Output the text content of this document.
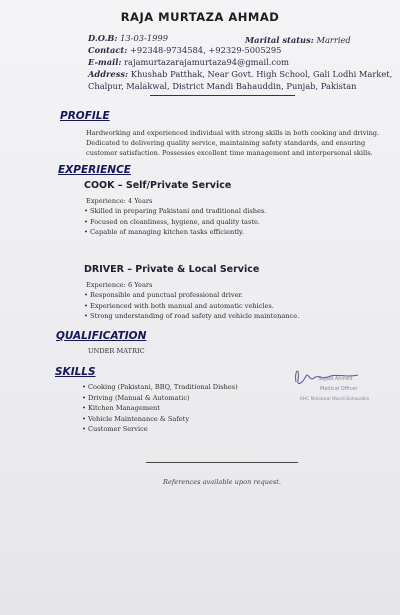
RAJA MURTAZA AHMAD
D.O.B: 13-03-1999	Marital status: Married
Contact: +92348-9734584, +92329-5005295
E-mail: rajamurtazarajamurtaza94@gmail.com
Address: Khushab Patthak, Near Govt. High School, Gali Lodhi Market,
Chalpur, Malakwal, District Mandi Bahauddin, Punjab, Pakistan
PROFILE
Hardworking and experienced individual with strong skills in both cooking and driving. Dedicated to delivering quality service, maintaining safety standards, and ensuring customer satisfaction. Possesses excellent time management and interpersonal skills.
EXPERIENCE
COOK – Self/Private Service
Experience: 4 Years
• Skilled in preparing Pakistani and traditional dishes.
• Focused on cleanliness, hygiene, and quality taste.
• Capable of managing kitchen tasks efficiently.
DRIVER – Private & Local Service
Experience: 6 Years
• Responsible and punctual professional driver.
• Experienced with both manual and automatic vehicles.
• Strong understanding of road safety and vehicle maintenance.
QUALIFICATION
UNDER MATRIC
SKILLS
• Cooking (Pakistani, BBQ, Traditional Dishes)
• Driving (Manual & Automatic)
• Kitchen Management
• Vehicle Maintenance & Safety
• Customer Service
Sajjad Ahmed
Medical Officer
RHC Malakwal Mandi Bahauddin
References available upon request.
